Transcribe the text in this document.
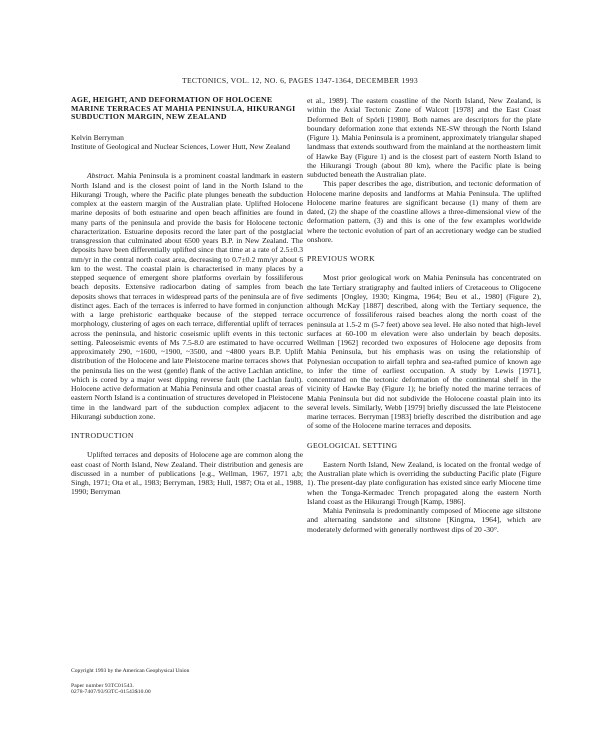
TECTONICS, VOL. 12, NO. 6, PAGES 1347-1364, DECEMBER 1993
AGE, HEIGHT, AND DEFORMATION OF HOLOCENE MARINE TERRACES AT MAHIA PENINSULA, HIKURANGI SUBDUCTION MARGIN, NEW ZEALAND

Kelvin Berryman

Institute of Geological and Nuclear Sciences, Lower Hutt, New Zealand

Abstract. Mahia Peninsula is a prominent coastal landmark in eastern North Island and is the closest point of land in the North Island to the Hikurangi Trough, where the Pacific plate plunges beneath the subduction complex at the eastern margin of the Australian plate. Uplifted Holocene marine deposits of both estuarine and open beach affinities are found in many parts of the peninsula and provide the basis for Holocene tectonic characterization. Estuarine deposits record the later part of the postglacial transgression that culminated about 6500 years B.P. in New Zealand. The deposits have been differentially uplifted since that time at a rate of 2.5±0.3 mm/yr in the central north coast area, decreasing to 0.7±0.2 mm/yr about 6 km to the west. The coastal plain is characterised in many places by a stepped sequence of emergent shore platforms overlain by fossiliferous beach deposits. Extensive radiocarbon dating of samples from beach deposits shows that terraces in widespread parts of the peninsula are of five distinct ages. Each of the terraces is inferred to have formed in conjunction with a large prehistoric earthquake because of the stepped terrace morphology, clustering of ages on each terrace, differential uplift of terraces across the peninsula, and historic coseismic uplift events in this tectonic setting. Paleoseismic events of Ms 7.5-8.0 are estimated to have occurred approximately 290, ~1600, ~1900, ~3500, and ~4800 years B.P. Uplift distribution of the Holocene and late Pleistocene marine terraces shows that the peninsula lies on the west (gentle) flank of the active Lachlan anticline, which is cored by a major west dipping reverse fault (the Lachlan fault). Holocene active deformation at Mahia Peninsula and other coastal areas of eastern North Island is a continuation of structures developed in Pleistocene time in the landward part of the subduction complex adjacent to the Hikurangi subduction zone.

INTRODUCTION

Uplifted terraces and deposits of Holocene age are common along the east coast of North Island, New Zealand. Their distribution and genesis are discussed in a number of publications [e.g., Wellman, 1967, 1971 a,b; Singh, 1971; Ota et al., 1983; Berryman, 1983; Hull, 1987; Ota et al., 1988, 1990; Berryman

et al., 1989]. The eastern coastline of the North Island, New Zealand, is within the Axial Tectonic Zone of Walcott [1978] and the East Coast Deformed Belt of Spörli [1980]. Both names are descriptors for the plate boundary deformation zone that extends NE-SW through the North Island (Figure 1). Mahia Peninsula is a prominent, approximately triangular shaped landmass that extends southward from the mainland at the northeastern limit of Hawke Bay (Figure 1) and is the closest part of eastern North Island to the Hikurangi Trough (about 80 km), where the Pacific plate is being subducted beneath the Australian plate.

This paper describes the age, distribution, and tectonic deformation of Holocene marine deposits and landforms at Mahia Peninsula. The uplifted Holocene marine features are significant because (1) many of them are dated, (2) the shape of the coastline allows a three-dimensional view of the deformation pattern, (3) and this is one of the few examples worldwide where the tectonic evolution of part of an accretionary wedge can be studied onshore.

PREVIOUS WORK

Most prior geological work on Mahia Peninsula has concentrated on the late Tertiary stratigraphy and faulted inliers of Cretaceous to Oligocene sediments [Ongley, 1930; Kingma, 1964; Beu et al., 1980] (Figure 2), although McKay [1887] described, along with the Tertiary sequence, the occurrence of fossiliferous raised beaches along the north coast of the peninsula at 1.5-2 m (5-7 feet) above sea level. He also noted that high-level surfaces at 60-100 m elevation were also underlain by beach deposits. Wellman [1962] recorded two exposures of Holocene age deposits from Mahia Peninsula, but his emphasis was on using the relationship of Polynesian occupation to airfall tephra and sea-rafted pumice of known age to infer the time of earliest occupation. A study by Lewis [1971], concentrated on the tectonic deformation of the continental shelf in the vicinity of Hawke Bay (Figure 1); he briefly noted the marine terraces of Mahia Peninsula but did not subdivide the Holocene coastal plain into its several levels. Similarly, Webb [1979] briefly discussed the late Pleistocene marine terraces. Berryman [1983] briefly described the distribution and age of some of the Holocene marine terraces and deposits.

GEOLOGICAL SETTING

Eastern North Island, New Zealand, is located on the frontal wedge of the Australian plate which is overriding the subducting Pacific plate (Figure 1). The present-day plate configuration has existed since early Miocene time when the Tonga-Kermadec Trench propagated along the eastern North Island coast as the Hikurangi Trough [Kamp, 1986].

Mahia Peninsula is predominantly composed of Miocene age siltstone and alternating sandstone and siltstone [Kingma, 1964], which are moderately deformed with generally northwest dips of 20 -30°.

Copyright 1993 by the American Geophysical Union
Paper number 93TC01543.
0278-7407/93/93TC-01543$10.00
